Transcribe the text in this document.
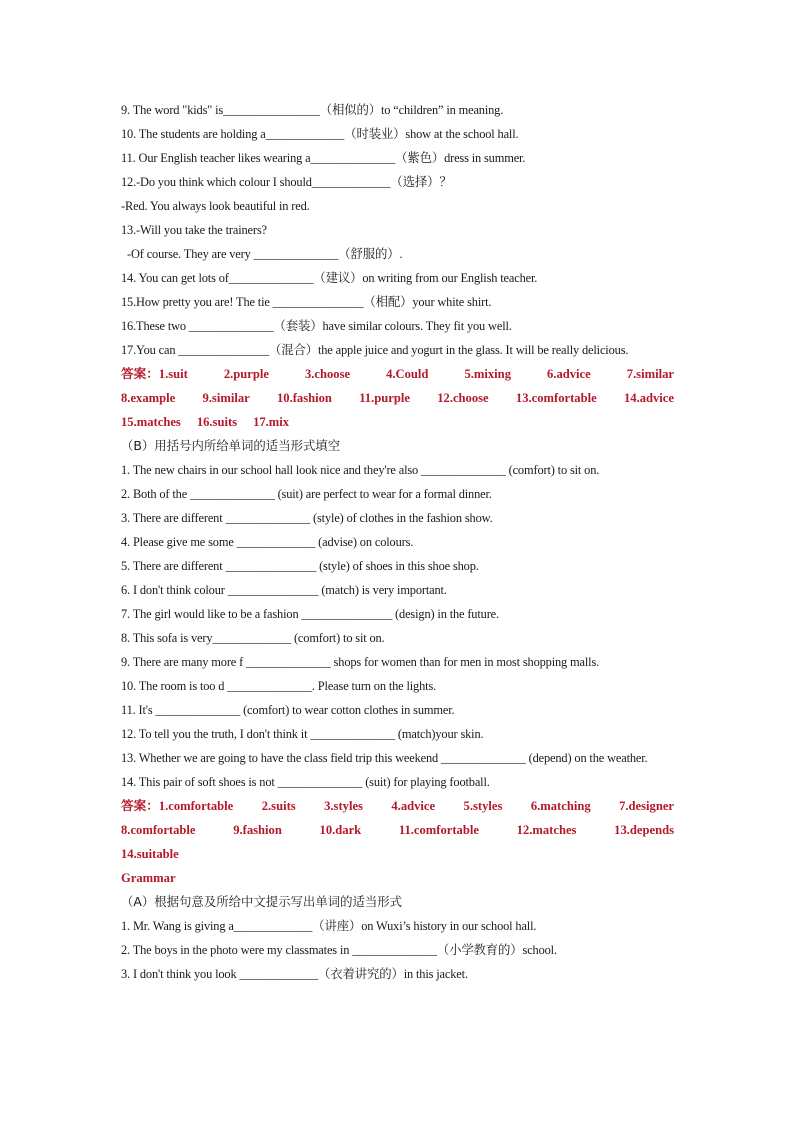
9. The word "kids" is________________（相似的）to “children” in meaning.
10. The students are holding a_____________（时装业）show at the school hall.
11. Our English teacher likes wearing a______________（紫色）dress in summer.
12.-Do you think which colour I should_____________（选择）？
-Red. You always look beautiful in red.
13.-Will you take the trainers?
-Of course. They are very ______________（舒服的）.
14. You can get lots of______________（建议）on writing from our English teacher.
15.How pretty you are! The tie _______________（相配）your white shirt.
16.These two ______________（套装）have similar colours. They fit you well.
17.You can _______________（混合）the apple juice and yogurt in the glass. It will be really delicious.
答案：1.suit	2.purple	3.choose	4.Could	5.mixing	6.advice	7.similar
8.example 9.similar 10.fashion 11.purple 12.choose 13.comfortable 14.advice
15.matches 16.suits 17.mix
（B）用括号内所给单词的适当形式填空
1. The new chairs in our school hall look nice and they're also ______________ (comfort) to sit on.
2. Both of the ______________ (suit) are perfect to wear for a formal dinner.
3. There are different ______________ (style) of clothes in the fashion show.
4. Please give me some _____________ (advise) on colours.
5. There are different _______________ (style) of shoes in this shoe shop.
6. I don't think colour _______________ (match) is very important.
7. The girl would like to be a fashion _______________ (design) in the future.
8. This sofa is very_____________ (comfort) to sit on.
9. There are many more f ______________ shops for women than for men in most shopping malls.
10. The room is too d ______________. Please turn on the lights.
11. It's ______________ (comfort) to wear cotton clothes in summer.
12. To tell you the truth, I don't think it ______________ (match)your skin.
13. Whether we are going to have the class field trip this weekend ______________ (depend) on the weather.
14. This pair of soft shoes is not ______________ (suit) for playing football.
答案：1.comfortable 2.suits 3.styles 4.advice 5.styles 6.matching 7.designer
8.comfortable	9.fashion	10.dark	11.comfortable	12.matches	13.depends
14.suitable
Grammar
（A）根据句意及所给中文提示写出单词的适当形式
1. Mr. Wang is giving a_____________（讲座）on Wuxi’s history in our school hall.
2. The boys in the photo were my classmates in ______________（小学教育的）school.
3. I don't think you look _____________（衣着讲究的）in this jacket.
